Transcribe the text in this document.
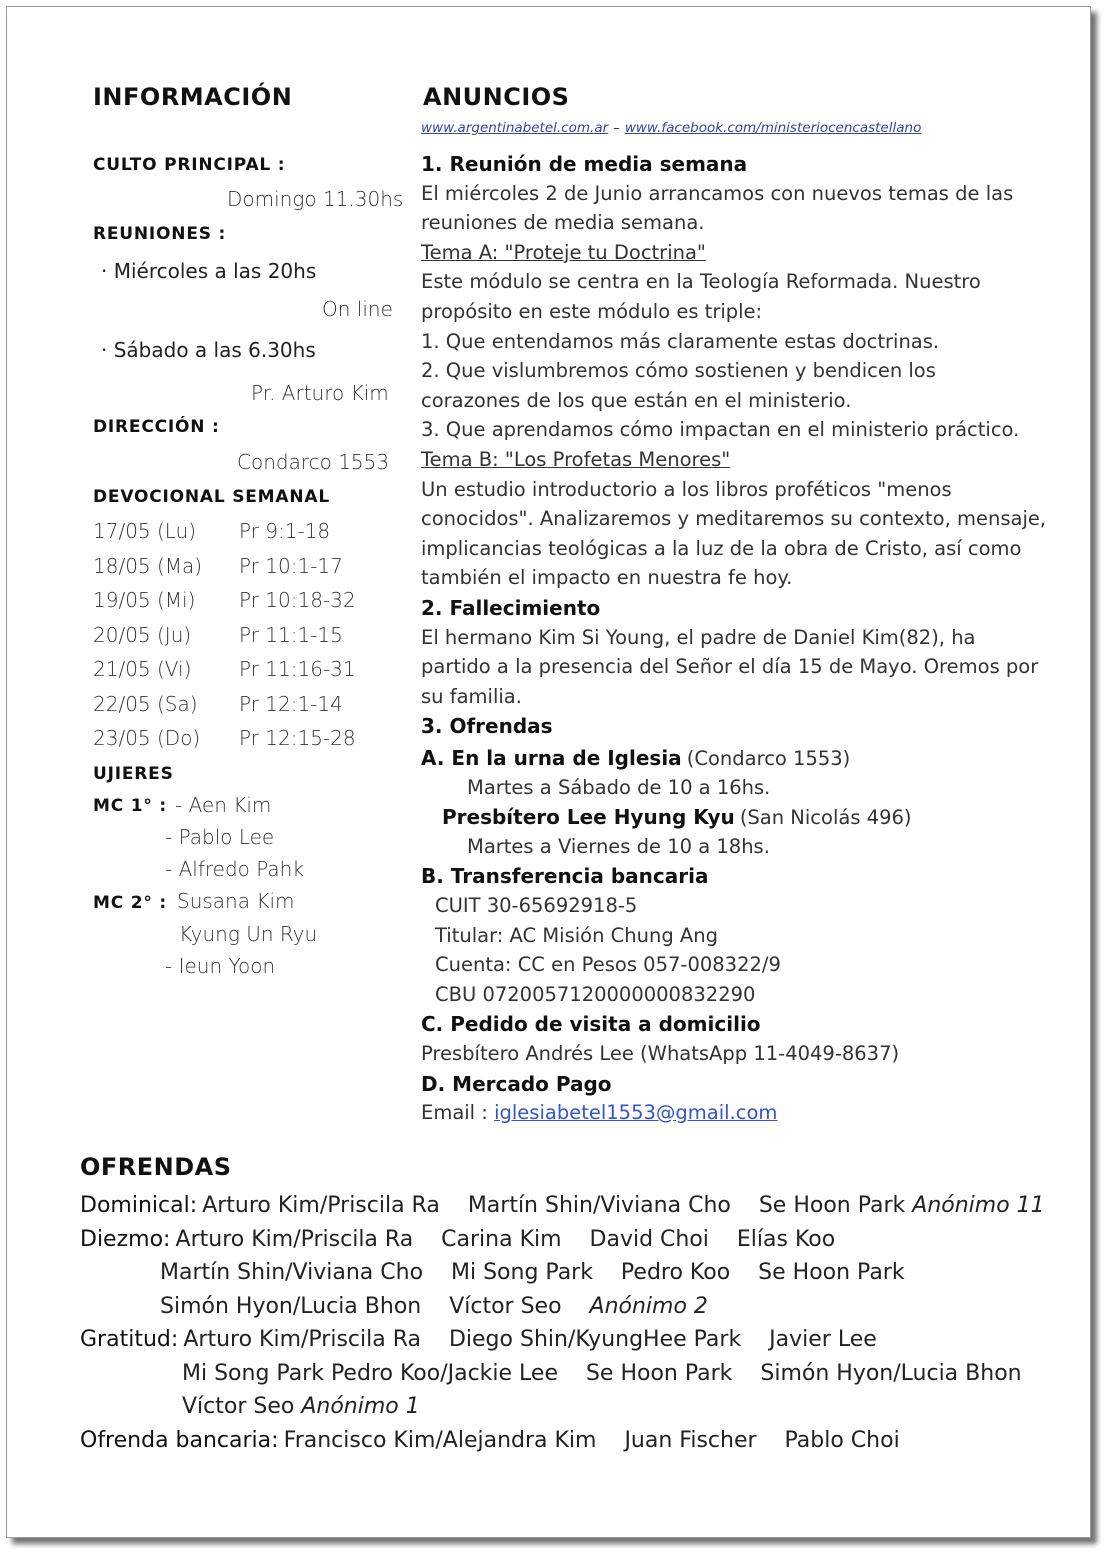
INFORMACIÓN
CULTO PRINCIPAL :
Domingo 11.30hs
REUNIONES :
· Miércoles a las 20hs
On line
· Sábado a las 6.30hs
Pr. Arturo Kim
DIRECCIÓN :
Condarco 1553
DEVOCIONAL SEMANAL
17/05 (Lu) Pr 9:1-18
18/05 (Ma) Pr 10:1-17
19/05 (Mi) Pr 10:18-32
20/05 (Ju) Pr 11:1-15
21/05 (Vi) Pr 11:16-31
22/05 (Sa) Pr 12:1-14
23/05 (Do) Pr 12:15-28
UJIERES
MC 1° : - Aen Kim
- Pablo Lee
- Alfredo Pahk
MC 2° : Susana Kim
Kyung Un Ryu
- Ieun Yoon
ANUNCIOS
www.argentinabetel.com.ar – www.facebook.com/ministeriocencastellano
1. Reunión de media semana
El miércoles 2 de Junio arrancamos con nuevos temas de las
reuniones de media semana.
Tema A: "Proteje tu Doctrina"
Este módulo se centra en la Teología Reformada. Nuestro
propósito en este módulo es triple:
1. Que entendamos más claramente estas doctrinas.
2. Que vislumbremos cómo sostienen y bendicen los
corazones de los que están en el ministerio.
3. Que aprendamos cómo impactan en el ministerio práctico.
Tema B: "Los Profetas Menores"
Un estudio introductorio a los libros proféticos "menos
conocidos". Analizaremos y meditaremos su contexto, mensaje,
implicancias teológicas a la luz de la obra de Cristo, así como
también el impacto en nuestra fe hoy.
2. Fallecimiento
El hermano Kim Si Young, el padre de Daniel Kim(82), ha
partido a la presencia del Señor el día 15 de Mayo. Oremos por
su familia.
3. Ofrendas
A. En la urna de Iglesia (Condarco 1553)
Martes a Sábado de 10 a 16hs.
Presbítero Lee Hyung Kyu (San Nicolás 496)
Martes a Viernes de 10 a 18hs.
B. Transferencia bancaria
CUIT 30-65692918-5
Titular: AC Misión Chung Ang
Cuenta: CC en Pesos 057-008322/9
CBU 0720057120000000832290
C. Pedido de visita a domicilio
Presbítero Andrés Lee (WhatsApp 11-4049-8637)
D. Mercado Pago
Email : iglesiabetel1553@gmail.com
OFRENDAS
Dominical: Arturo Kim/Priscila Ra    Martín Shin/Viviana Cho    Se Hoon Park Anónimo 11
Diezmo: Arturo Kim/Priscila Ra    Carina Kim    David Choi    Elías Koo
Martín Shin/Viviana Cho    Mi Song Park    Pedro Koo    Se Hoon Park
Simón Hyon/Lucia Bhon    Víctor Seo    Anónimo 2
Gratitud: Arturo Kim/Priscila Ra    Diego Shin/KyungHee Park    Javier Lee
Mi Song Park Pedro Koo/Jackie Lee    Se Hoon Park    Simón Hyon/Lucia Bhon
Víctor Seo Anónimo 1
Ofrenda bancaria: Francisco Kim/Alejandra Kim    Juan Fischer    Pablo Choi
